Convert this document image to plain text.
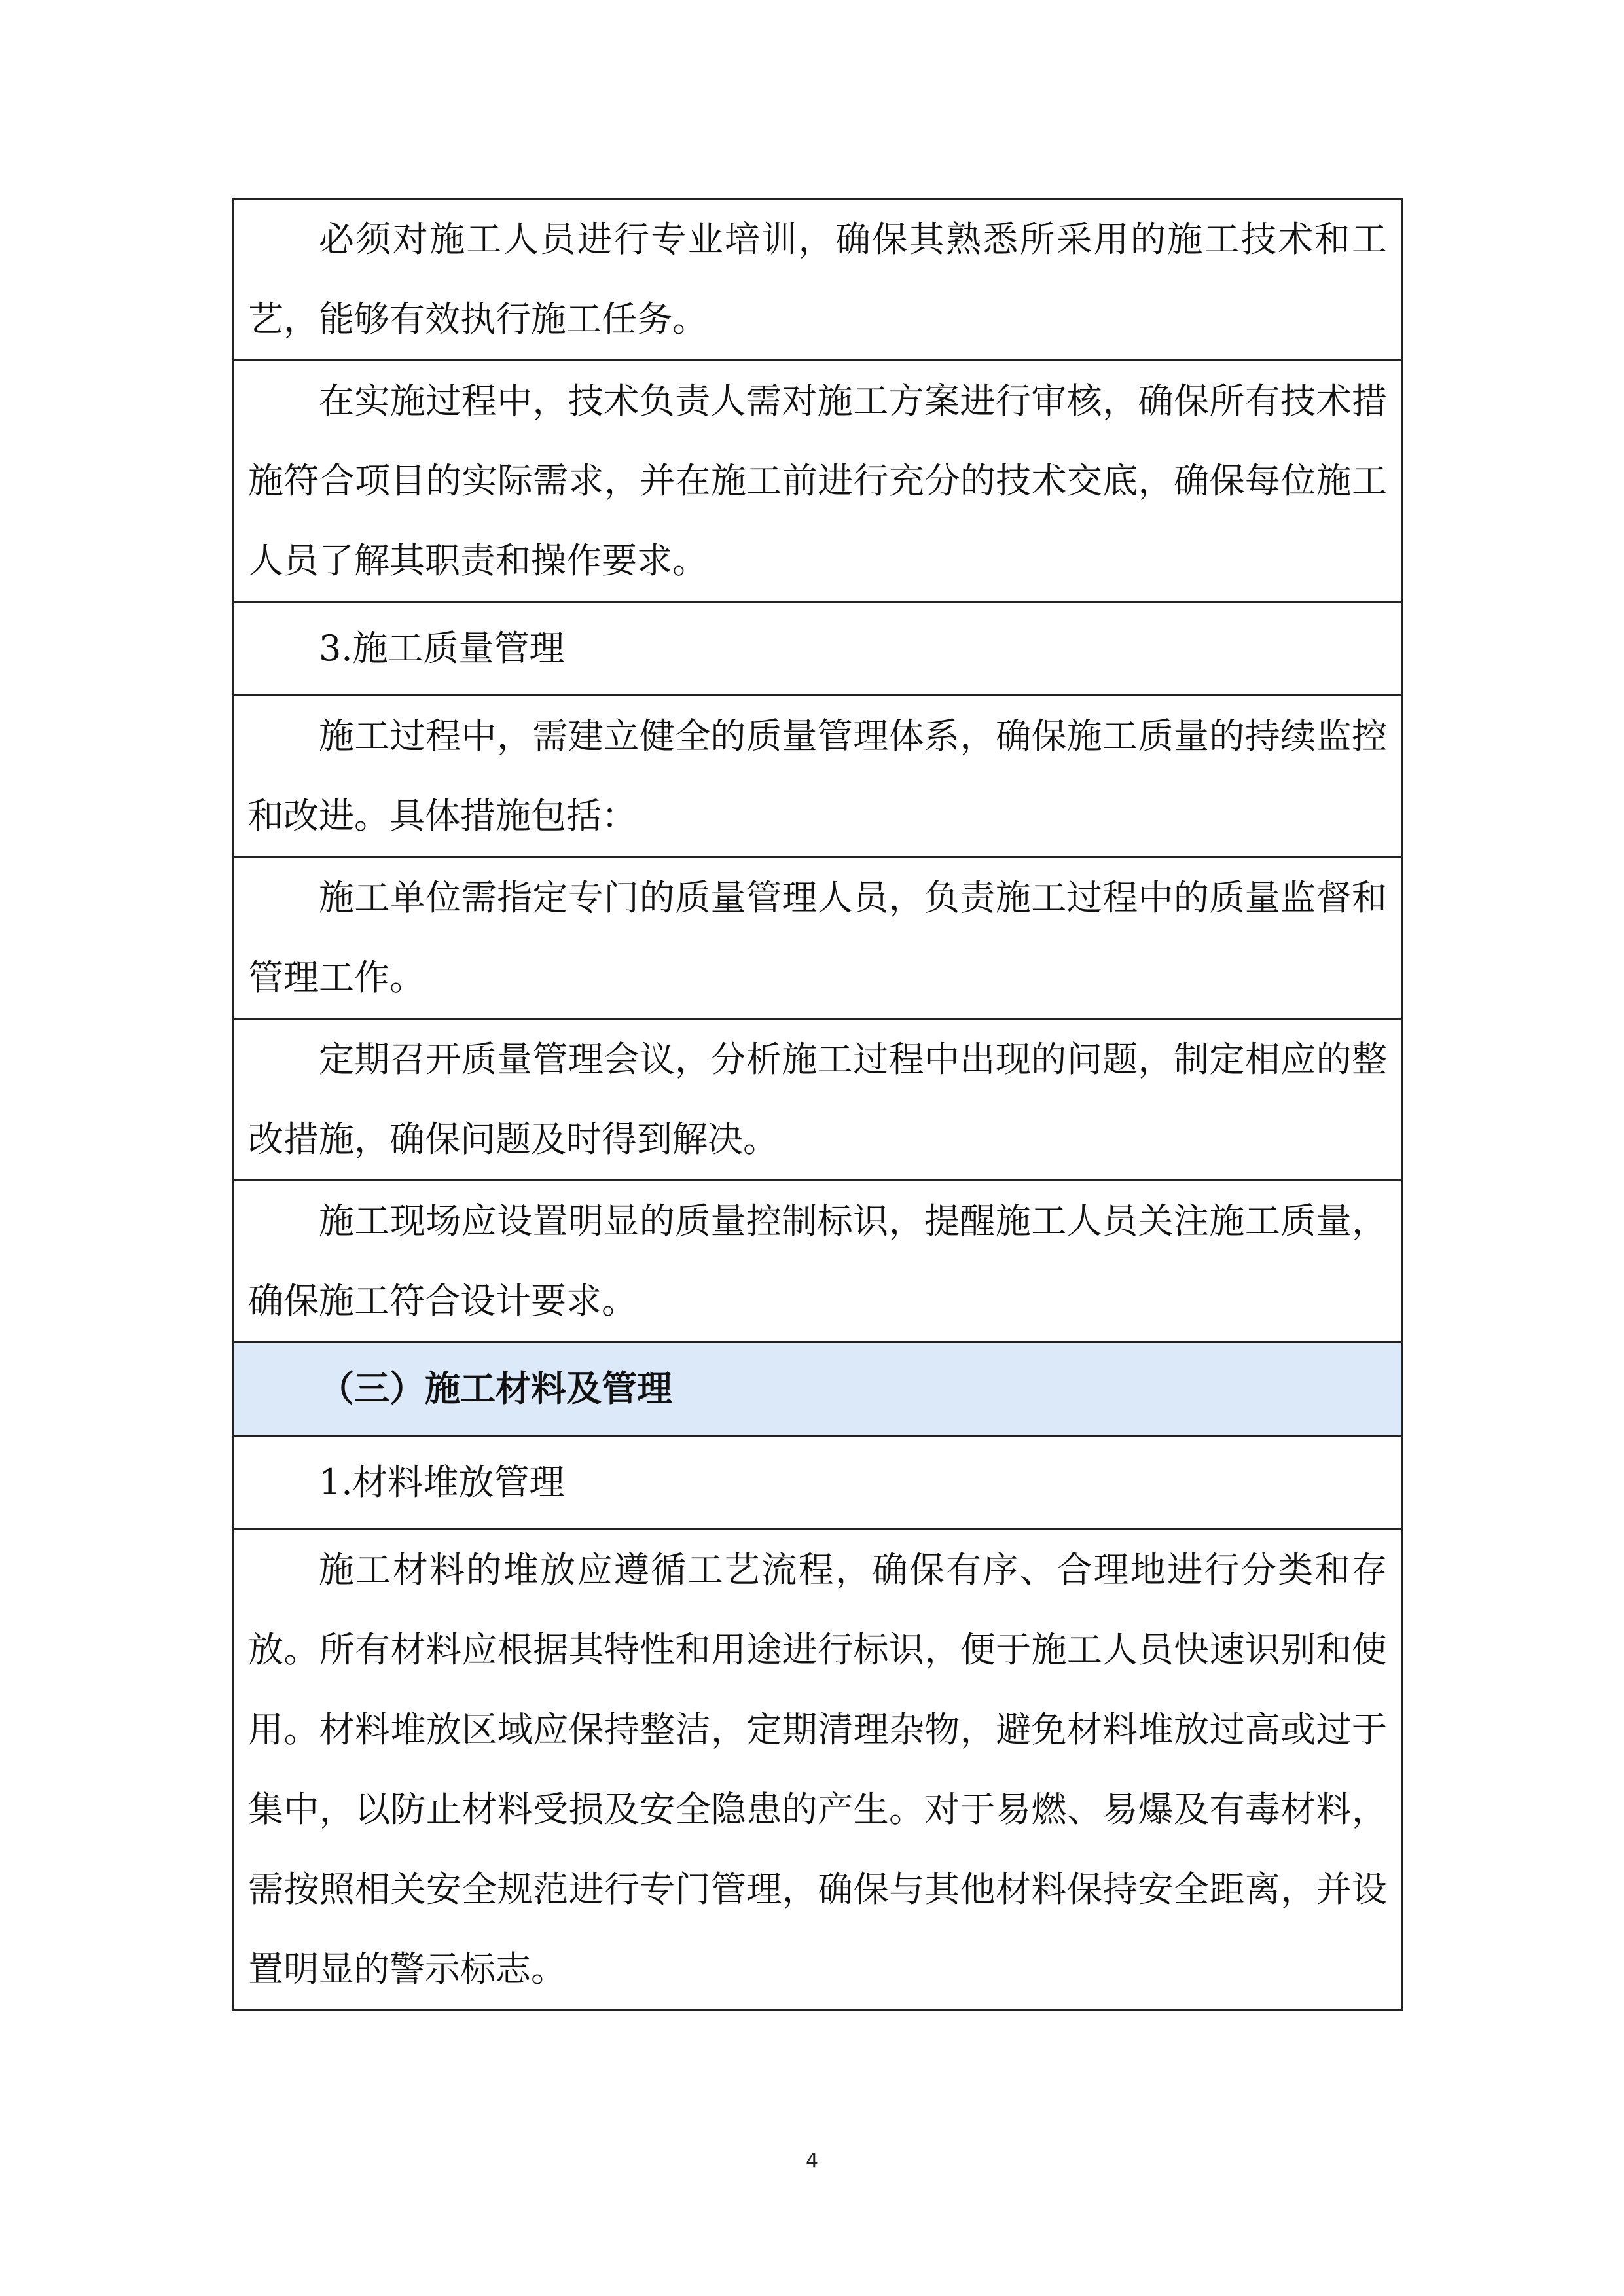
必须对施工人员进行专业培训，确保其熟悉所采用的施工技术和工艺，能够有效执行施工任务。
在实施过程中，技术负责人需对施工方案进行审核，确保所有技术措施符合项目的实际需求，并在施工前进行充分的技术交底，确保每位施工人员了解其职责和操作要求。
3.施工质量管理
施工过程中，需建立健全的质量管理体系，确保施工质量的持续监控和改进。具体措施包括：
施工单位需指定专门的质量管理人员，负责施工过程中的质量监督和管理工作。
定期召开质量管理会议，分析施工过程中出现的问题，制定相应的整改措施，确保问题及时得到解决。
施工现场应设置明显的质量控制标识，提醒施工人员关注施工质量，确保施工符合设计要求。
（三）施工材料及管理
1.材料堆放管理
施工材料的堆放应遵循工艺流程，确保有序、合理地进行分类和存放。所有材料应根据其特性和用途进行标识，便于施工人员快速识别和使用。材料堆放区域应保持整洁，定期清理杂物，避免材料堆放过高或过于集中，以防止材料受损及安全隐患的产生。对于易燃、易爆及有毒材料，需按照相关安全规范进行专门管理，确保与其他材料保持安全距离，并设置明显的警示标志。
4
